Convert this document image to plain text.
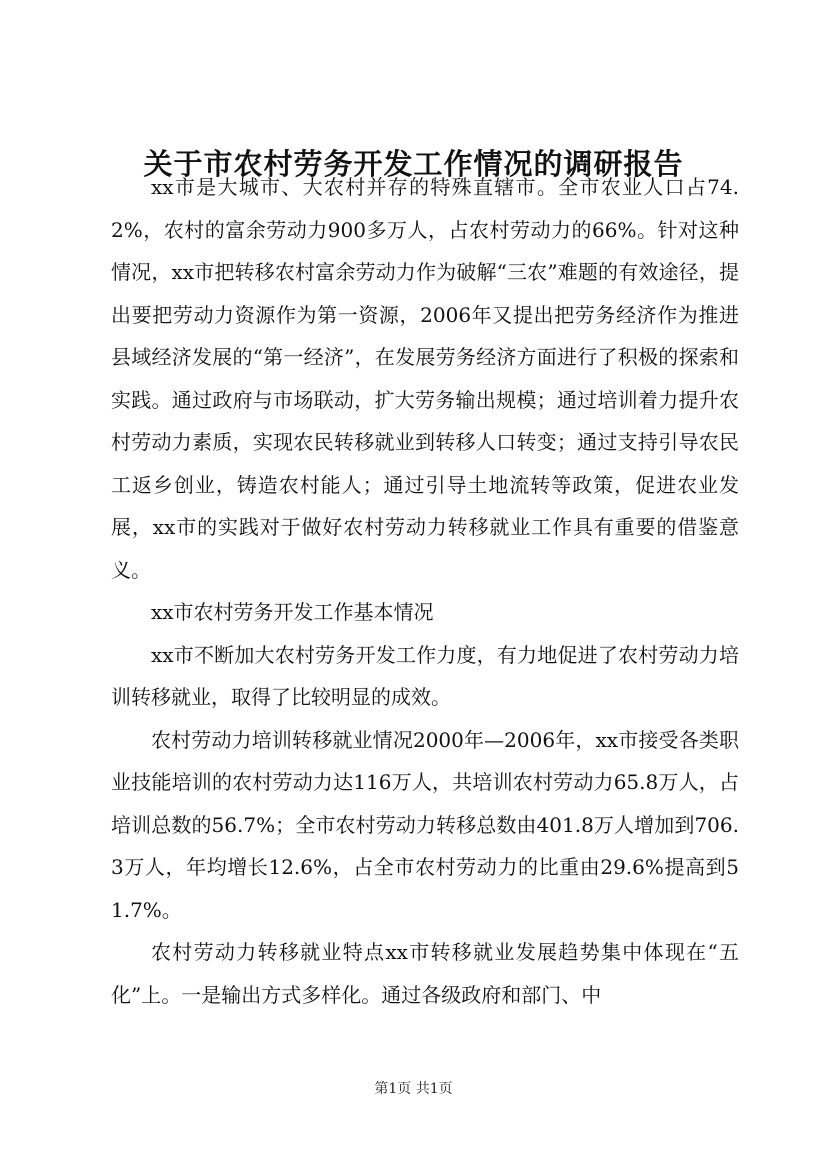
关于市农村劳务开发工作情况的调研报告

xx市是大城市、大农村并存的特殊直辖市。全市农业人口占74.2%，农村的富余劳动力900多万人，占农村劳动力的66%。针对这种情况，xx市把转移农村富余劳动力作为破解“三农”难题的有效途径，提出要把劳动力资源作为第一资源，2006年又提出把劳务经济作为推进县域经济发展的“第一经济”，在发展劳务经济方面进行了积极的探索和实践。通过政府与市场联动，扩大劳务输出规模；通过培训着力提升农村劳动力素质，实现农民转移就业到转移人口转变；通过支持引导农民工返乡创业，铸造农村能人；通过引导土地流转等政策，促进农业发展，xx市的实践对于做好农村劳动力转移就业工作具有重要的借鉴意义。

xx市农村劳务开发工作基本情况

xx市不断加大农村劳务开发工作力度，有力地促进了农村劳动力培训转移就业，取得了比较明显的成效。

农村劳动力培训转移就业情况2000年—2006年，xx市接受各类职业技能培训的农村劳动力达116万人，共培训农村劳动力65.8万人，占培训总数的56.7%；全市农村劳动力转移总数由401.8万人增加到706.3万人，年均增长12.6%，占全市农村劳动力的比重由29.6%提高到51.7%。

农村劳动力转移就业特点xx市转移就业发展趋势集中体现在“五化”上。一是输出方式多样化。通过各级政府和部门、中

第1页 共1页
